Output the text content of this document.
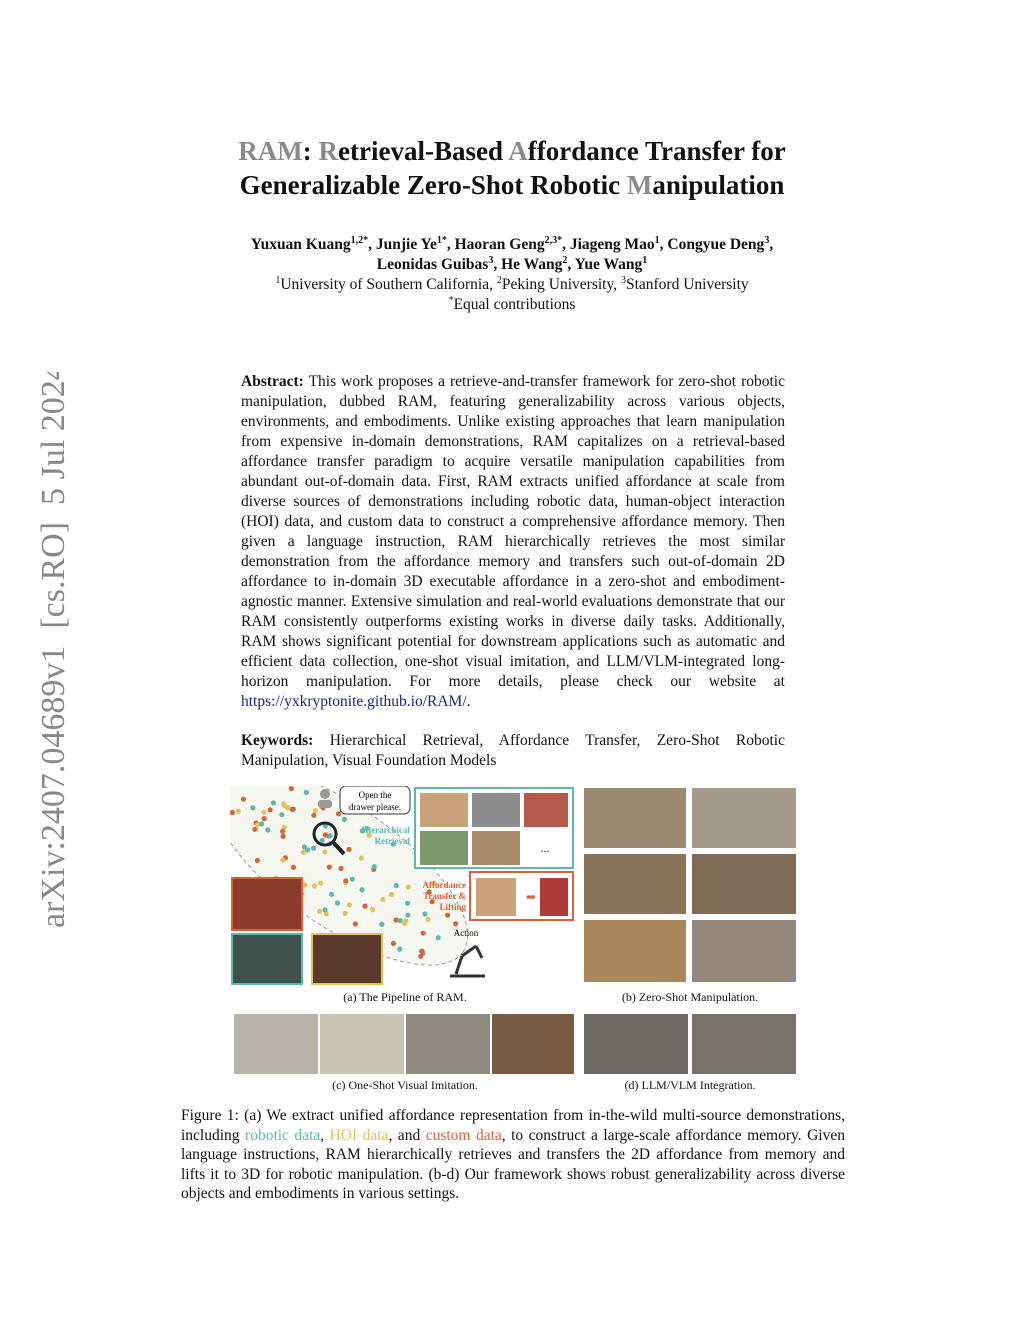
arXiv:2407.04689v1  [cs.RO]  5 Jul 2024
RAM: Retrieval-Based Affordance Transfer for
Generalizable Zero-Shot Robotic Manipulation
Yuxuan Kuang$^{1,2*}$, Junjie $Ye^{1*}$, Haoran Geng$^{2,3*}$, Jiageng Mao$^1$, Congyue Deng$^3$,
Leonidas Guibas$^3$, He Wang$^2$, Yue Wang$^1$
$^1$University of Southern California, $^2$Peking University, $^3$Stanford University
*Equal contributions
Abstract: This work proposes a retrieve-and-transfer framework for zero-shot robotic manipulation, dubbed RAM, featuring generalizability across various objects, environments, and embodiments. Unlike existing approaches that learn manipulation from expensive in-domain demonstrations, RAM capitalizes on a retrieval-based affordance transfer paradigm to acquire versatile manipulation capabilities from abundant out-of-domain data. First, RAM extracts unified affordance at scale from diverse sources of demonstrations including robotic data, human-object interaction (HOI) data, and custom data to construct a comprehensive affordance memory. Then given a language instruction, RAM hierarchically retrieves the most similar demonstration from the affordance memory and transfers such out-of-domain 2D affordance to in-domain 3D executable affordance in a zero-shot and embodiment-agnostic manner. Extensive simulation and real-world evaluations demonstrate that our RAM consistently outperforms existing works in diverse daily tasks. Additionally, RAM shows significant potential for downstream applications such as automatic and efficient data collection, one-shot visual imitation, and LLM/VLM-integrated long-horizon manipulation. For more details, please check our website at https://yxkryptonite.github.io/RAM/.
Keywords: Hierarchical Retrieval, Affordance Transfer, Zero-Shot Robotic Manipulation, Visual Foundation Models
Open the
drawer please.
...
Hierarchical
Retrieval
Affordance
Transfer &
Lifting
➡
Action
(a) The Pipeline of RAM.	(b) Zero-Shot Manipulation.
(c) One-Shot Visual Imitation.	(d) LLM/VLM Integration.
Figure 1: (a) We extract unified affordance representation from in-the-wild multi-source demonstrations, including robotic data, HOI data, and custom data, to construct a large-scale affordance memory. Given language instructions, RAM hierarchically retrieves and transfers the 2D affordance from memory and lifts it to 3D for robotic manipulation. (b-d) Our framework shows robust generalizability across diverse objects and embodiments in various settings.
